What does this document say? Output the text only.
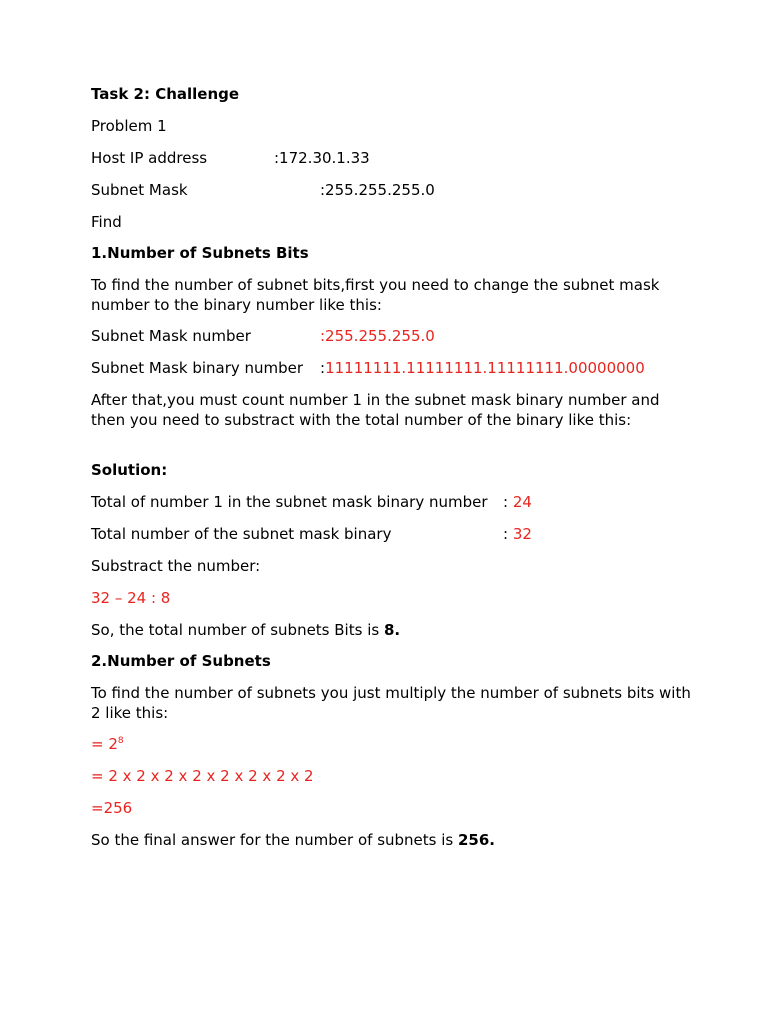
Task 2: Challenge
Problem 1
Host IP address	:172.30.1.33
Subnet Mask	:255.255.255.0
Find
1.Number of Subnets Bits
To find the number of subnet bits,first you need to change the subnet mask number to the binary number like this:
Subnet Mask number	:255.255.255.0
Subnet Mask binary number :11111111.11111111.11111111.00000000
After that,you must count number 1 in the subnet mask binary number and then you need to substract with the total number of the binary like this:
Solution:
Total of number 1 in the subnet mask binary number : 24
Total number of the subnet mask binary	: 32
Substract the number:
32 – 24 : 8
So, the total number of subnets Bits is 8.
2.Number of Subnets
To find the number of subnets you just multiply the number of subnets bits with 2 like this:
= $2^8$
= 2 x 2 x 2 x 2 x 2 x 2 x 2 x 2
=256
So the final answer for the number of subnets is 256.
